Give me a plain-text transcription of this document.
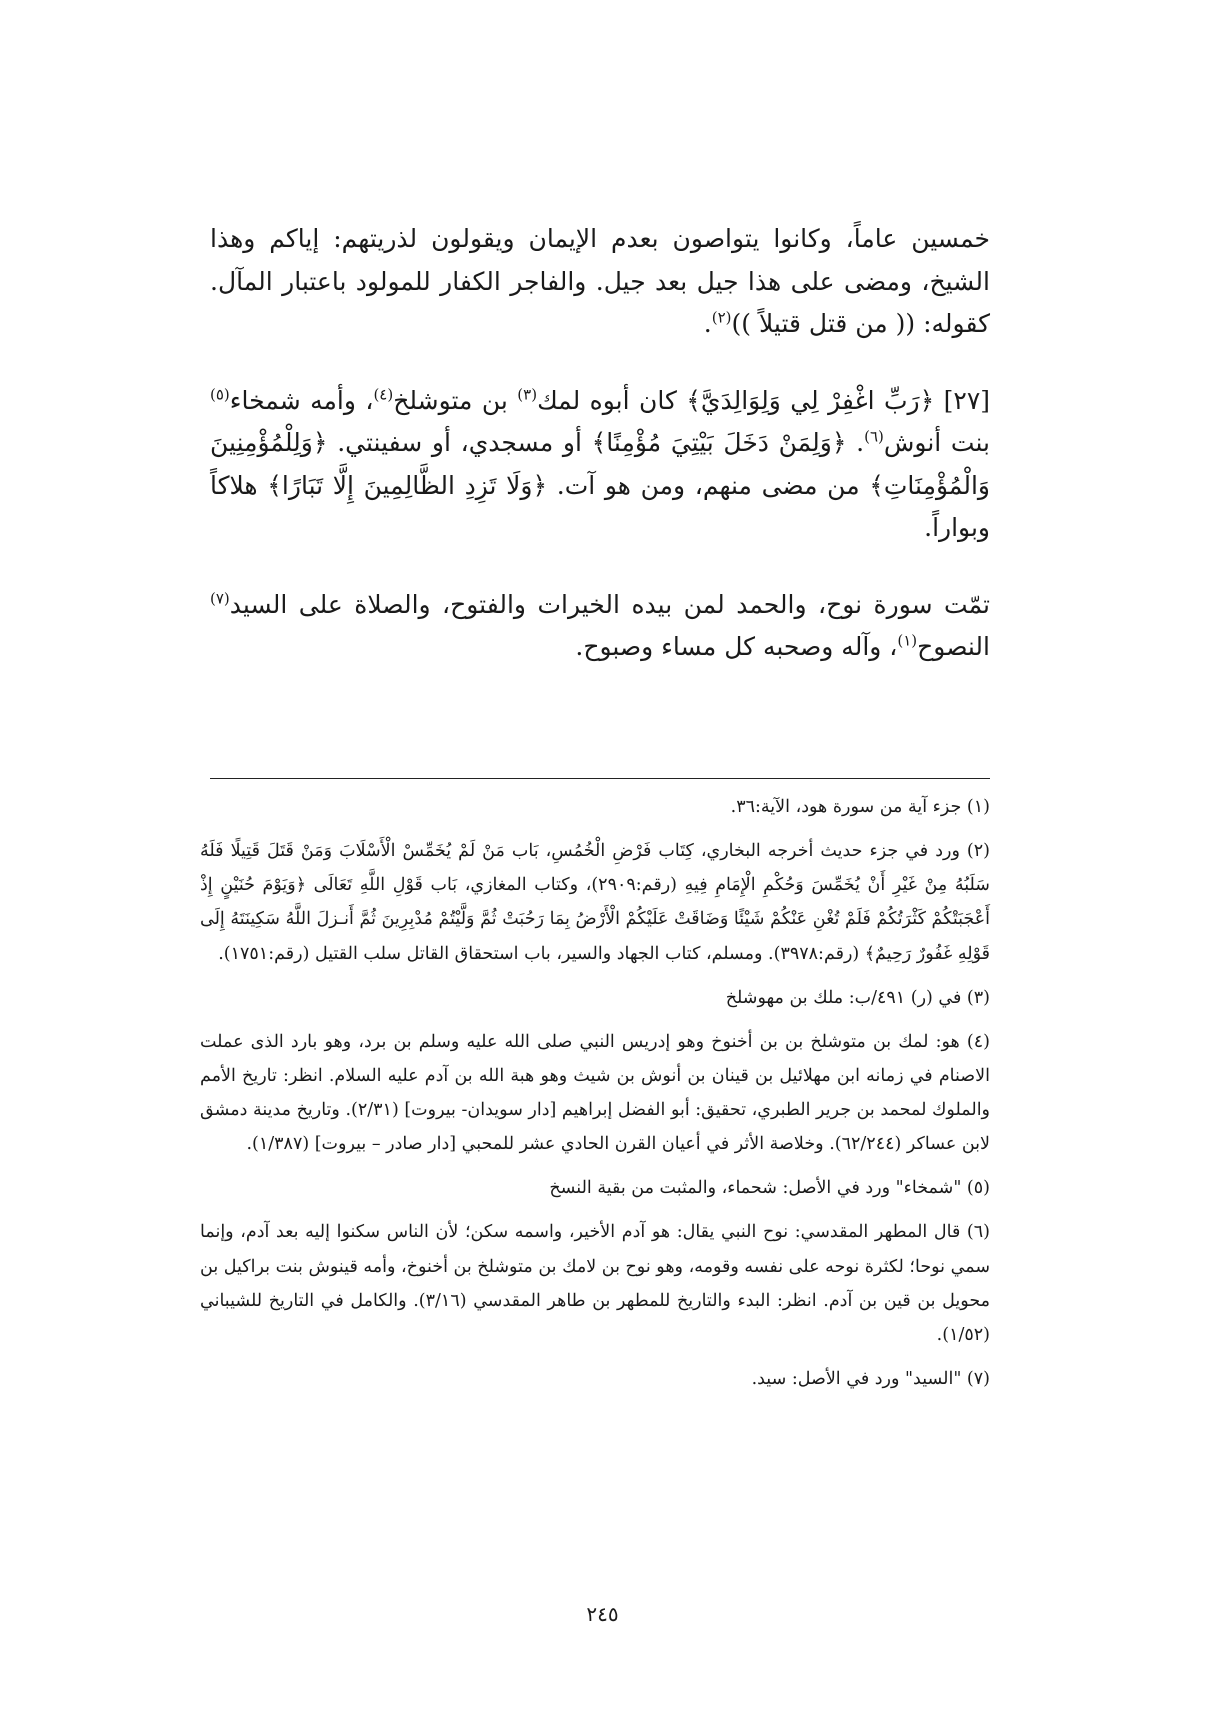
خمسين عاماً، وكانوا يتواصون بعدم الإيمان ويقولون لذريتهم: إياكم وهذا الشيخ، ومضى على هذا جيل بعد جيل. والفاجر الكفار للمولود باعتبار المآل. كقوله: (( من قتل قتيلاً ))$^{(٢)}$.

[٢٧] ﴿رَبِّ اغْفِرْ لِي وَلِوَالِدَيَّ﴾ كان أبوه لمك$^{(٣)}$ بن متوشلخ$^{(٤)}$، وأمه شمخاء$^{(٥)}$ بنت أنوش$^{(٦)}$. ﴿وَلِمَنْ دَخَلَ بَيْتِيَ مُؤْمِنًا﴾ أو مسجدي، أو سفينتي. ﴿وَلِلْمُؤْمِنِينَ وَالْمُؤْمِنَاتِ﴾ من مضى منهم، ومن هو آت. ﴿وَلَا تَزِدِ الظَّالِمِينَ إِلَّا تَبَارًا﴾ هلاكاً وبواراً.

تمّت سورة نوح، والحمد لمن بيده الخيرات والفتوح، والصلاة على السيد$^{(٧)}$ النصوح$^{(١)}$، وآله وصحبه كل مساء وصبوح.

(١) جزء آية من سورة هود، الآية:٣٦.

(٢) ورد في جزء حديث أخرجه البخاري، كِتَاب فَرْضِ الْخُمُسِ، بَاب مَنْ لَمْ يُخَمِّسْ الْأَسْلَابَ وَمَنْ قَتَلَ قَتِيلًا فَلَهُ سَلَبُهُ مِنْ غَيْرِ أَنْ يُخَمِّسَ وَحُكْمِ الْإِمَامِ فِيهِ (رقم:٢٩٠٩)، وكتاب المغازي، بَاب قَوْلِ اللَّهِ تَعَالَى ﴿وَيَوْمَ حُنَيْنٍ إِذْ أَعْجَبَتْكُمْ كَثْرَتُكُمْ فَلَمْ تُغْنِ عَنْكُمْ شَيْئًا وَضَاقَتْ عَلَيْكُمْ الْأَرْضُ بِمَا رَحُبَتْ ثُمَّ وَلَّيْتُمْ مُدْبِرِينَ ثُمَّ أَنـزلَ اللَّهُ سَكِينَتَهُ إِلَى قَوْلِهِ غَفُورٌ رَحِيمٌ﴾ (رقم:٣٩٧٨). ومسلم، كتاب الجهاد والسير، باب استحقاق القاتل سلب القتيل (رقم:١٧٥١).

(٣) في (ر) ٤٩١/ب: ملك بن مهوشلخ

(٤) هو: لمك بن متوشلخ بن بن أخنوخ وهو إدريس النبي صلى الله عليه وسلم بن برد، وهو بارد الذى عملت الاصنام في زمانه ابن مهلائيل بن قينان بن أنوش بن شيث وهو هبة الله بن آدم عليه السلام. انظر: تاريخ الأمم والملوك لمحمد بن جرير الطبري، تحقيق: أبو الفضل إبراهيم [دار سويدان- بيروت] (٢/٣١). وتاريخ مدينة دمشق لابن عساكر (٦٢/٢٤٤). وخلاصة الأثر في أعيان القرن الحادي عشر للمحبي [دار صادر – بيروت] (١/٣٨٧).

(٥) "شمخاء" ورد في الأصل: شحماء، والمثبت من بقية النسخ

(٦) قال المطهر المقدسي: نوح النبي يقال: هو آدم الأخير، واسمه سكن؛ لأن الناس سكنوا إليه بعد آدم، وإنما سمي نوحا؛ لكثرة نوحه على نفسه وقومه، وهو نوح بن لامك بن متوشلخ بن أخنوخ، وأمه قينوش بنت براكيل بن محويل بن قين بن آدم. انظر: البدء والتاريخ للمطهر بن طاهر المقدسي (٣/١٦). والكامل في التاريخ للشيباني (١/٥٢).

(٧) "السيد" ورد في الأصل: سيد.

٢٤٥
